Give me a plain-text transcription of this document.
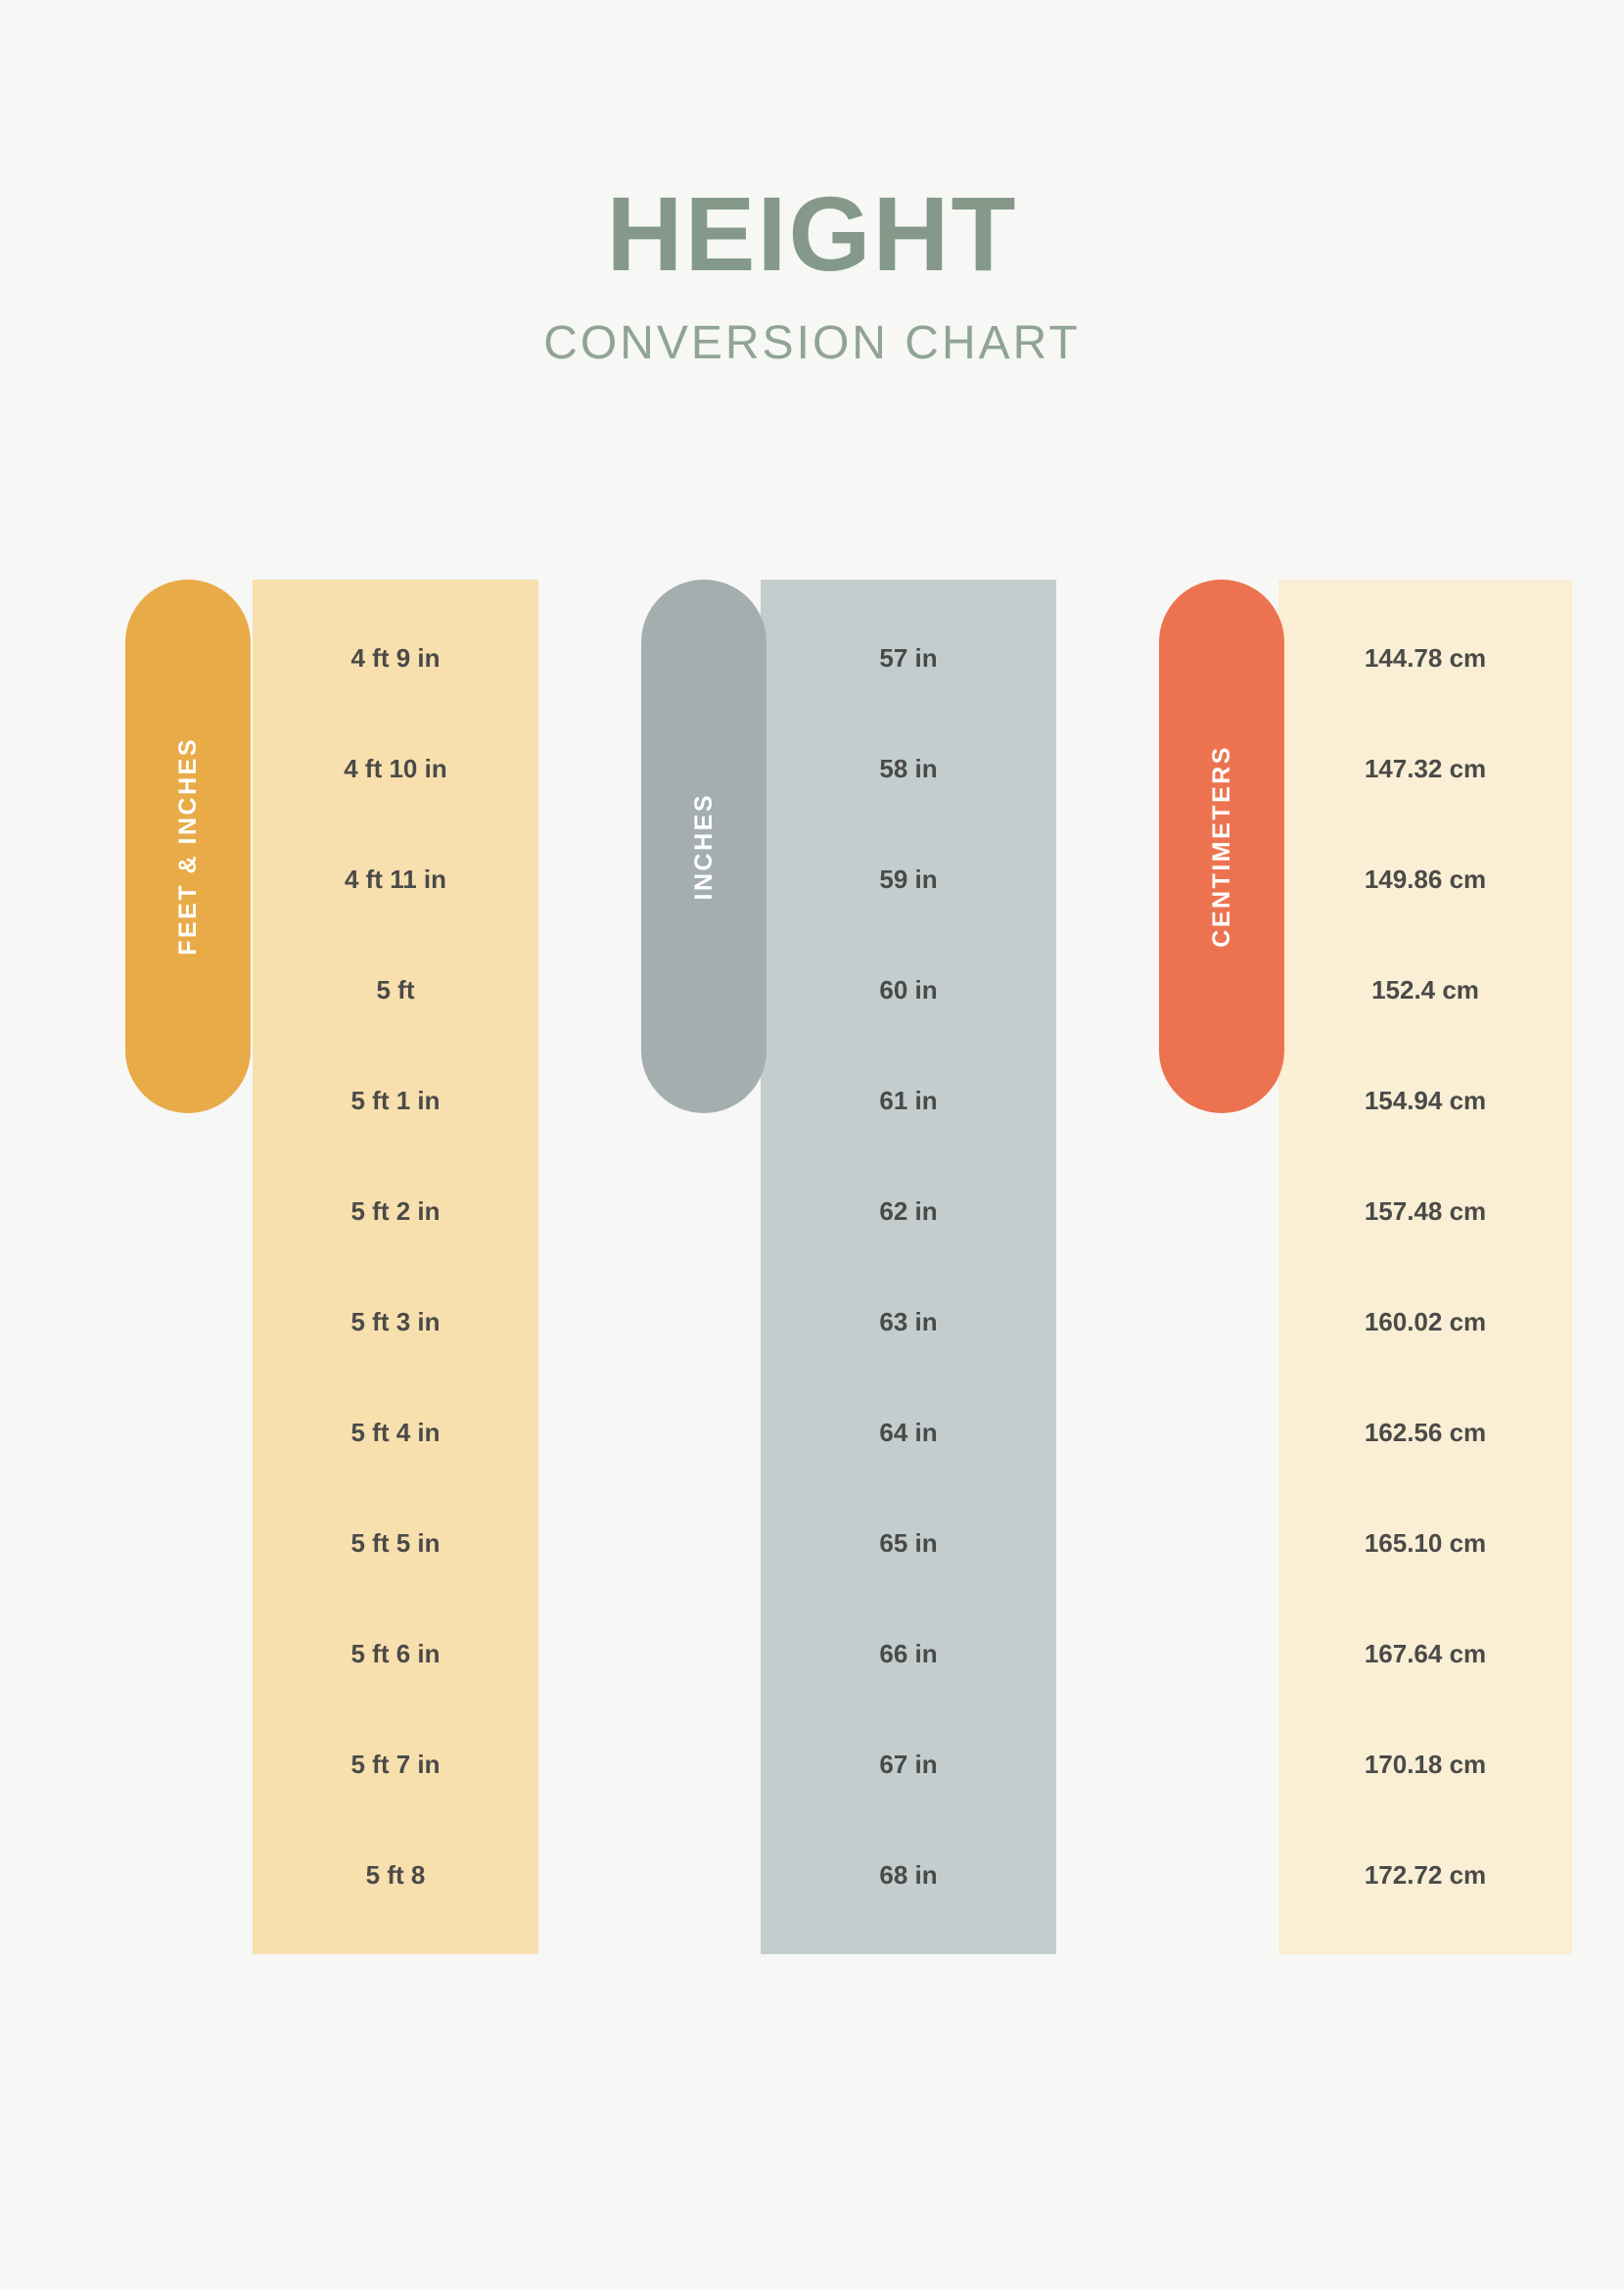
HEIGHT
CONVERSION CHART
FEET & INCHES
4 ft 9 in
4 ft 10 in
4 ft 11 in
5 ft
5 ft 1 in
5 ft 2 in
5 ft 3 in
5 ft 4 in
5 ft 5 in
5 ft 6 in
5 ft 7 in
5 ft 8
INCHES
57 in
58 in
59 in
60 in
61 in
62 in
63 in
64 in
65 in
66 in
67 in
68 in
CENTIMETERS
144.78 cm
147.32 cm
149.86 cm
152.4 cm
154.94 cm
157.48 cm
160.02 cm
162.56 cm
165.10 cm
167.64 cm
170.18 cm
172.72 cm
